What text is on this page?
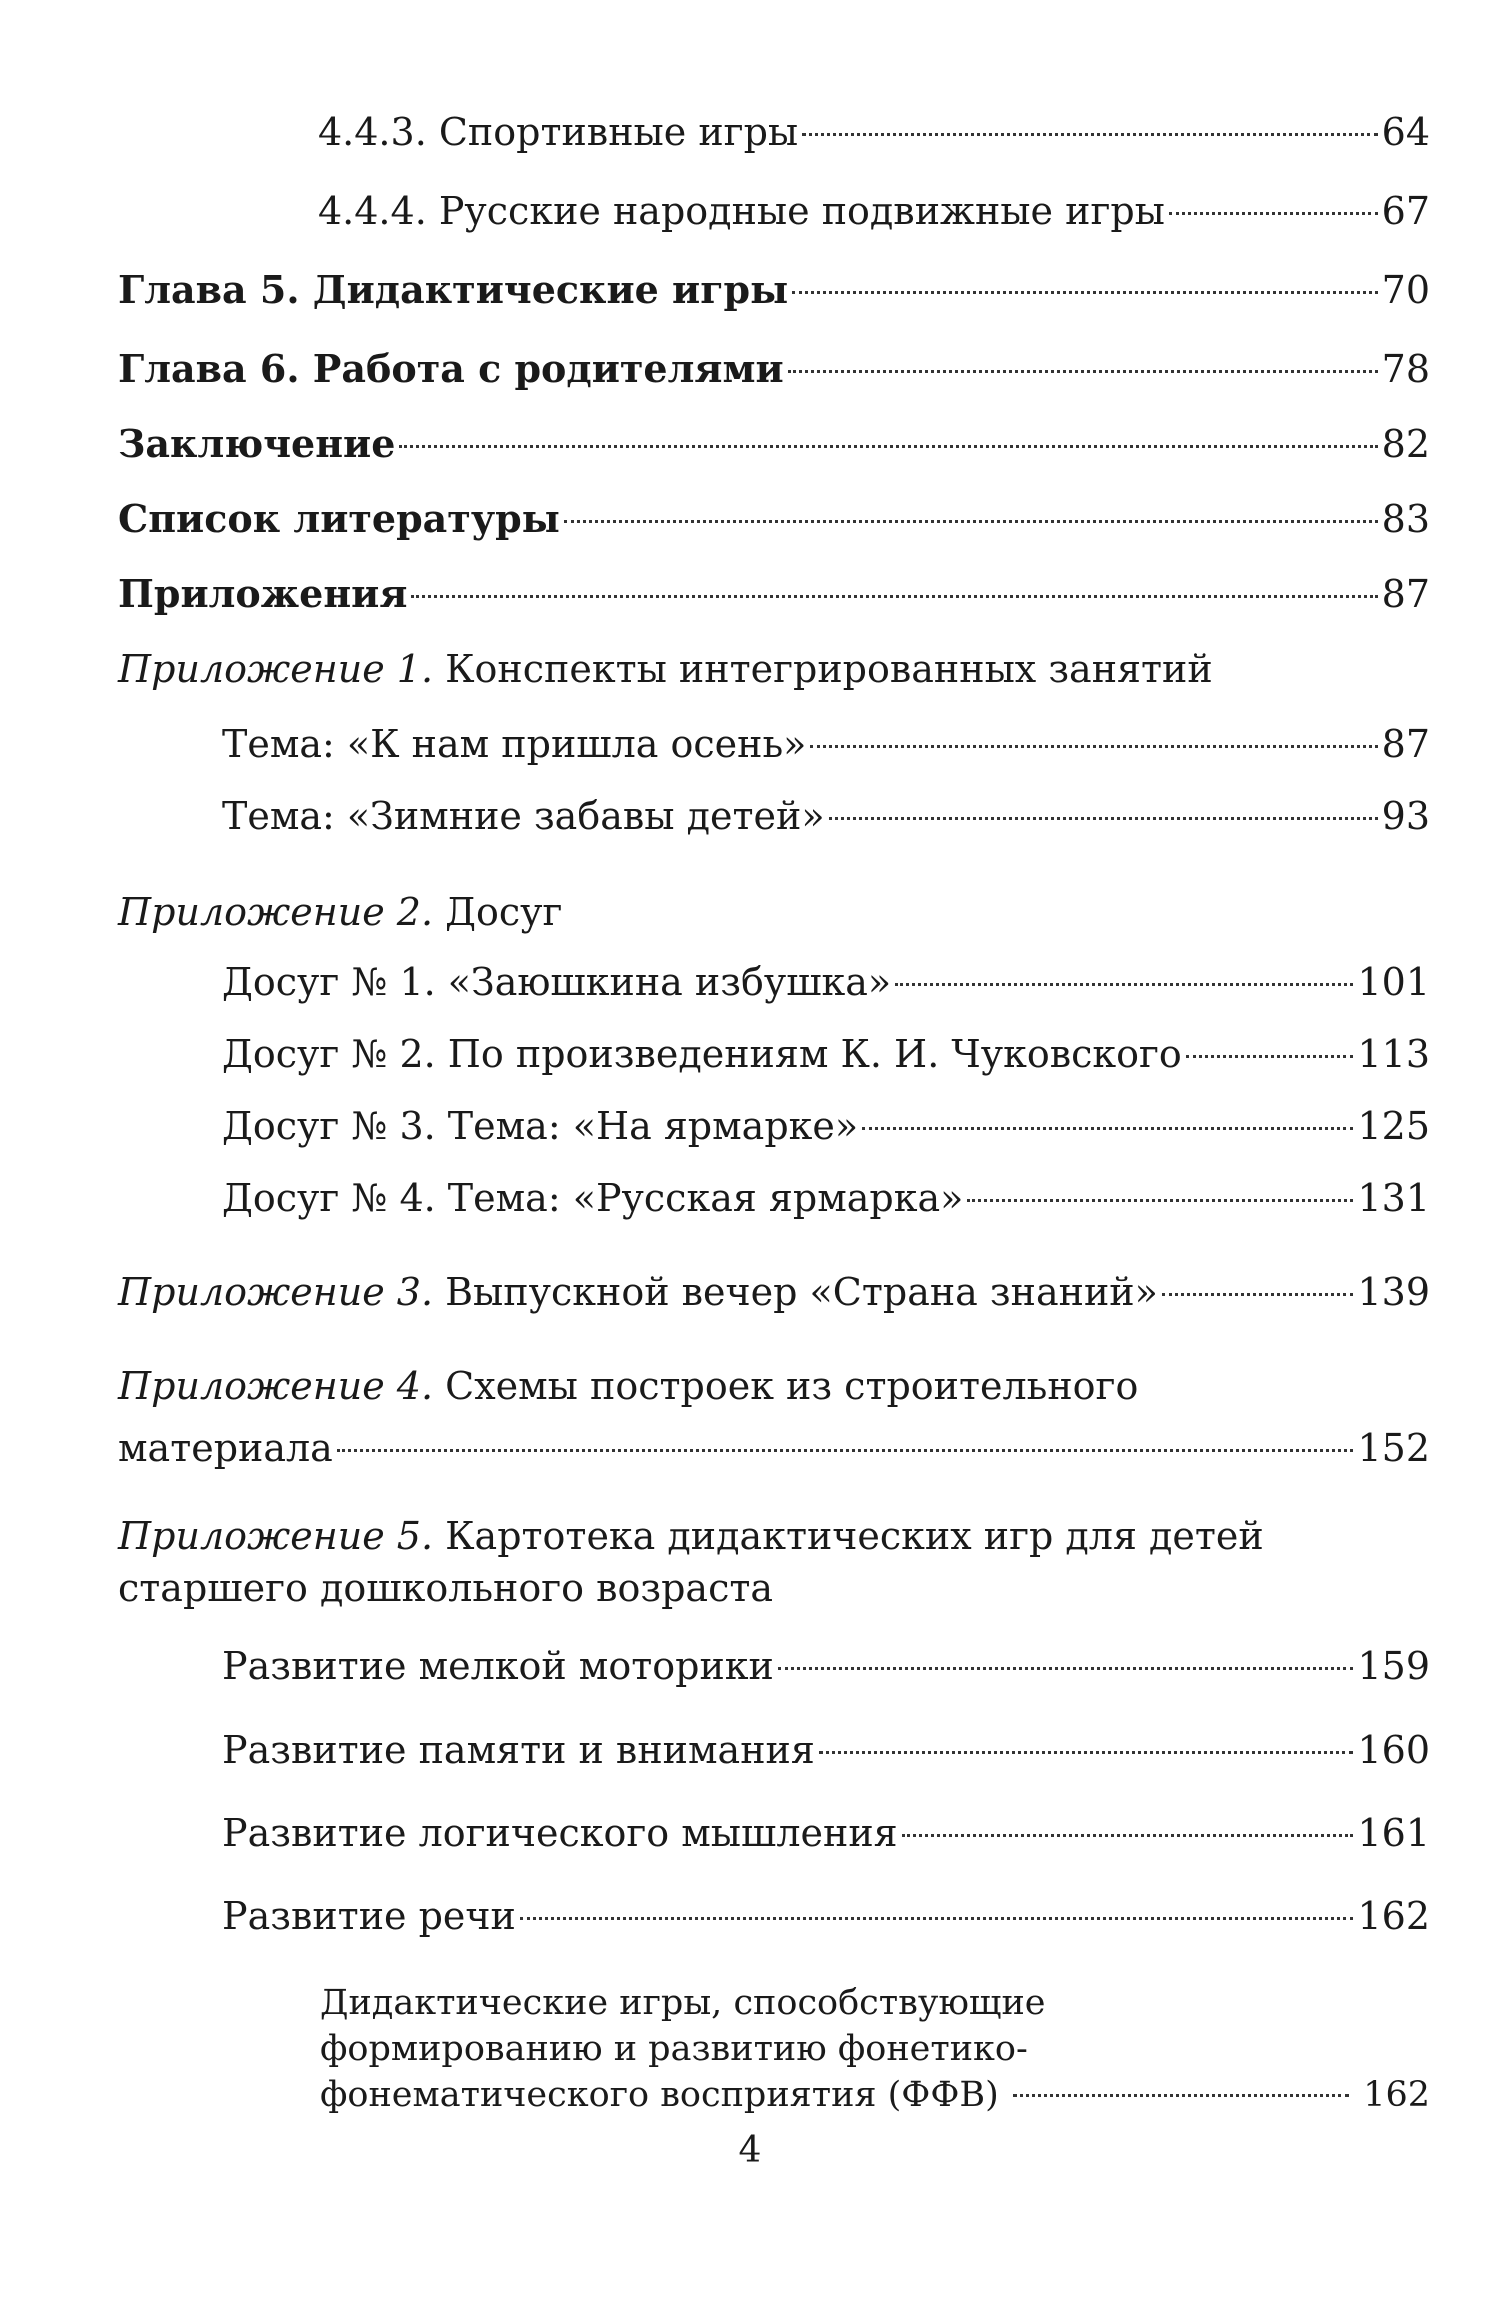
4.4.3. Спортивные игры	64
4.4.4. Русские народные подвижные игры	67
Глава 5. Дидактические игры	70
Глава 6. Работа с родителями	78
Заключение	82
Список литературы	83
Приложения	87
Приложение 1. Конспекты интегрированных занятий
Тема: «К нам пришла осень»	87
Тема: «Зимние забавы детей»	93
Приложение 2. Досуг
Досуг № 1. «Заюшкина избушка»	101
Досуг № 2. По произведениям К. И. Чуковского	113
Досуг № 3. Тема: «На ярмарке»	125
Досуг № 4. Тема: «Русская ярмарка»	131
Приложение 3. Выпускной вечер «Страна знаний»	139
Приложение 4. Схемы построек из строительного
материала	152
Приложение 5. Картотека дидактических игр для детей
старшего дошкольного возраста
Развитие мелкой моторики	159
Развитие памяти и внимания	160
Развитие логического мышления	161
Развитие речи	162
Дидактические игры, способствующие
формированию и развитию фонетико-
фонематического восприятия (ФФВ)	162
4
